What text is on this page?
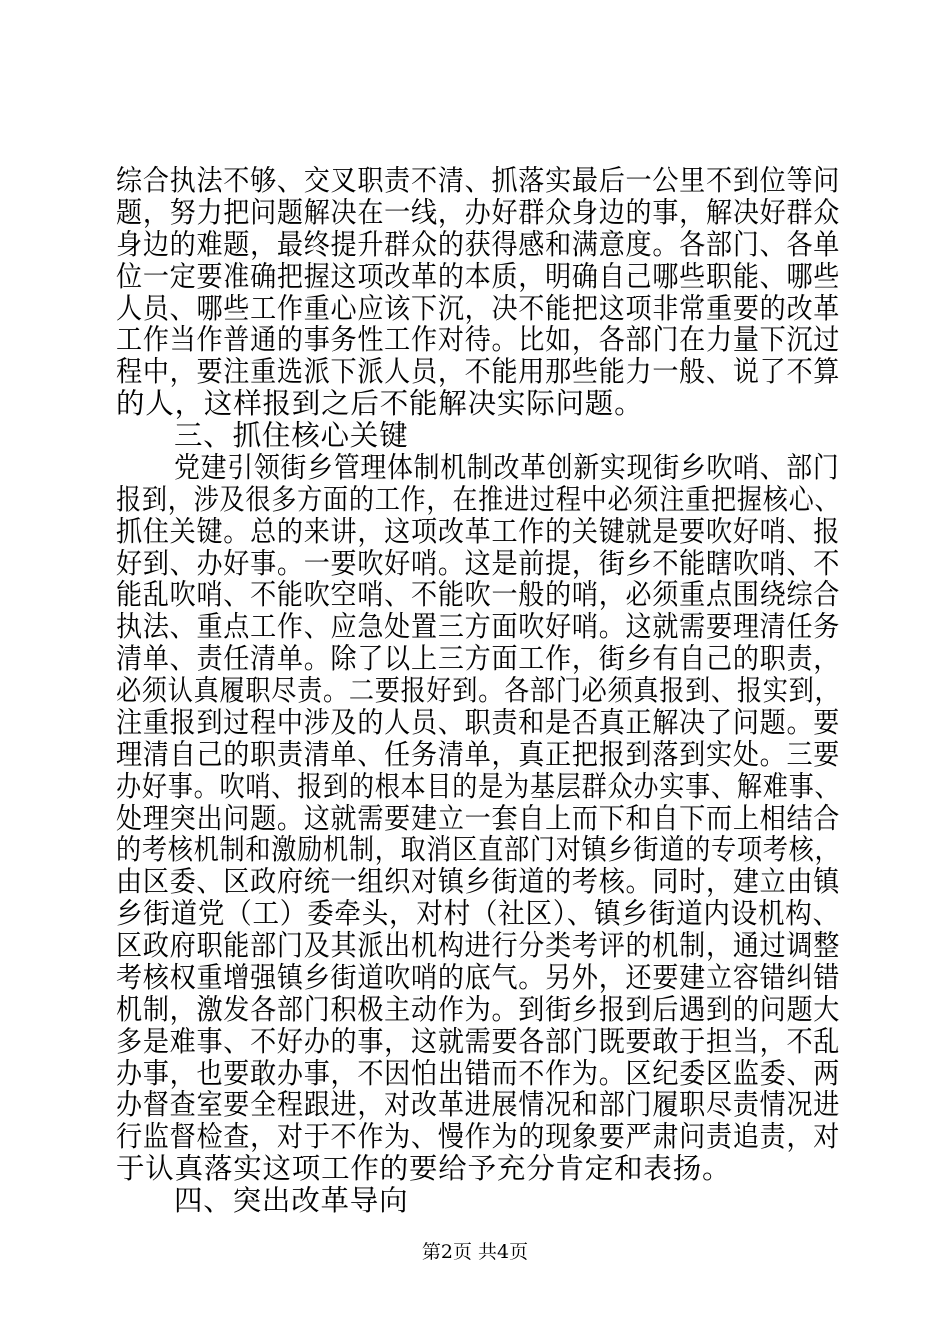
综合执法不够、交叉职责不清、抓落实最后一公里不到位等问
题，努力把问题解决在一线，办好群众身边的事，解决好群众
身边的难题，最终提升群众的获得感和满意度。各部门、各单
位一定要准确把握这项改革的本质，明确自己哪些职能、哪些
人员、哪些工作重心应该下沉，决不能把这项非常重要的改革
工作当作普通的事务性工作对待。比如，各部门在力量下沉过
程中，要注重选派下派人员，不能用那些能力一般、说了不算
的人，这样报到之后不能解决实际问题。
三、抓住核心关键
党建引领街乡管理体制机制改革创新实现街乡吹哨、部门
报到，涉及很多方面的工作，在推进过程中必须注重把握核心、
抓住关键。总的来讲，这项改革工作的关键就是要吹好哨、报
好到、办好事。一要吹好哨。这是前提，街乡不能瞎吹哨、不
能乱吹哨、不能吹空哨、不能吹一般的哨，必须重点围绕综合
执法、重点工作、应急处置三方面吹好哨。这就需要理清任务
清单、责任清单。除了以上三方面工作，街乡有自己的职责，
必须认真履职尽责。二要报好到。各部门必须真报到、报实到，
注重报到过程中涉及的人员、职责和是否真正解决了问题。要
理清自己的职责清单、任务清单，真正把报到落到实处。三要
办好事。吹哨、报到的根本目的是为基层群众办实事、解难事、
处理突出问题。这就需要建立一套自上而下和自下而上相结合
的考核机制和激励机制，取消区直部门对镇乡街道的专项考核，
由区委、区政府统一组织对镇乡街道的考核。同时，建立由镇
乡街道党（工）委牵头，对村（社区）、镇乡街道内设机构、
区政府职能部门及其派出机构进行分类考评的机制，通过调整
考核权重增强镇乡街道吹哨的底气。另外，还要建立容错纠错
机制，激发各部门积极主动作为。到街乡报到后遇到的问题大
多是难事、不好办的事，这就需要各部门既要敢于担当，不乱
办事，也要敢办事，不因怕出错而不作为。区纪委区监委、两
第2页 共4页
办督查室要全程跟进，对改革进展情况和部门履职尽责情况进
行监督检查，对于不作为、慢作为的现象要严肃问责追责，对
于认真落实这项工作的要给予充分肯定和表扬。
四、突出改革导向
